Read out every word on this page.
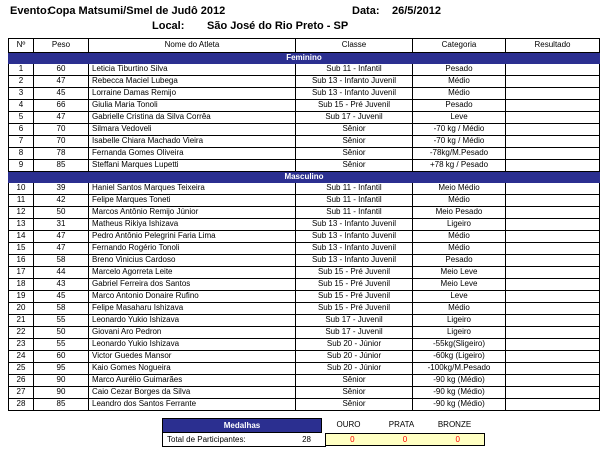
Evento:
Copa Matsumi/Smel de Judô 2012	Data: 26/5/2012
Local: São José do Rio Preto - SP
Nº	Peso	Nome do Atleta	Classe	Categoria	Resultado
Feminino					
1	60	Leticia Tiburtino Silva	Sub 11 - Infantil	Pesado	
2	47	Rebecca Maciel Lubega	Sub 13 - Infanto Juvenil	Médio	
3	45	Lorraine Damas Remijo	Sub 13 - Infanto Juvenil	Médio	
4	66	Giulia Maria Tonoli	Sub 15 - Pré Juvenil	Pesado	
5	47	Gabrielle Cristina da Silva Corrêa	Sub 17 - Juvenil	Leve	
6	70	Silmara Vedoveli	Sênior	-70 kg / Médio	
7	70	Isabelle Chiara Machado Vieira	Sênior	-70 kg / Médio	
8	78	Fernanda Gomes Oliveira	Sênior	-78kg/M.Pesado	
9	85	Steffani Marques Lupetti	Sênior	+78 kg / Pesado	
Masculino					
10	39	Haniel Santos Marques Teixeira	Sub 11 - Infantil	Meio Médio	
11	42	Felipe Marques Toneti	Sub 11 - Infantil	Médio	
12	50	Marcos Antônio Remijo Júnior	Sub 11 - Infantil	Meio Pesado	
13	31	Matheus Rikiya Ishizava	Sub 13 - Infanto Juvenil	Ligeiro	
14	47	Pedro Antônio Pelegrini Faria Lima	Sub 13 - Infanto Juvenil	Médio	
15	47	Fernando Rogério Tonoli	Sub 13 - Infanto Juvenil	Médio	
16	58	Breno Vinicius Cardoso	Sub 13 - Infanto Juvenil	Pesado	
17	44	Marcelo Agorreta Leite	Sub 15 - Pré Juvenil	Meio Leve	
18	43	Gabriel Ferreira dos Santos	Sub 15 - Pré Juvenil	Meio Leve	
19	45	Marco Antonio Donaire Rufino	Sub 15 - Pré Juvenil	Leve	
20	58	Felipe Masaharu Ishizava	Sub 15 - Pré Juvenil	Médio	
21	55	Leonardo Yukio Ishizava	Sub 17 - Juvenil	Ligeiro	
22	50	Giovani Aro Pedron	Sub 17 - Juvenil	Ligeiro	
23	55	Leonardo Yukio Ishizava	Sub 20 - Júnior	-55kg(Sligeiro)	
24	60	Victor Guedes Mansor	Sub 20 - Júnior	-60kg (Ligeiro)	
25	95	Kaio Gomes Nogueira	Sub 20 - Júnior	-100kg/M.Pesado	
26	90	Marco Aurélio Guimarães	Sênior	-90 kg (Médio)	
27	90	Caio Cezar Borges da Silva	Sênior	-90 kg (Médio)	
28	85	Leandro dos Santos Ferrante	Sênior	-90 kg (Médio)	
Medalhas	OURO	PRATA	BRONZE
Total de Participantes:	28	0	0	0
